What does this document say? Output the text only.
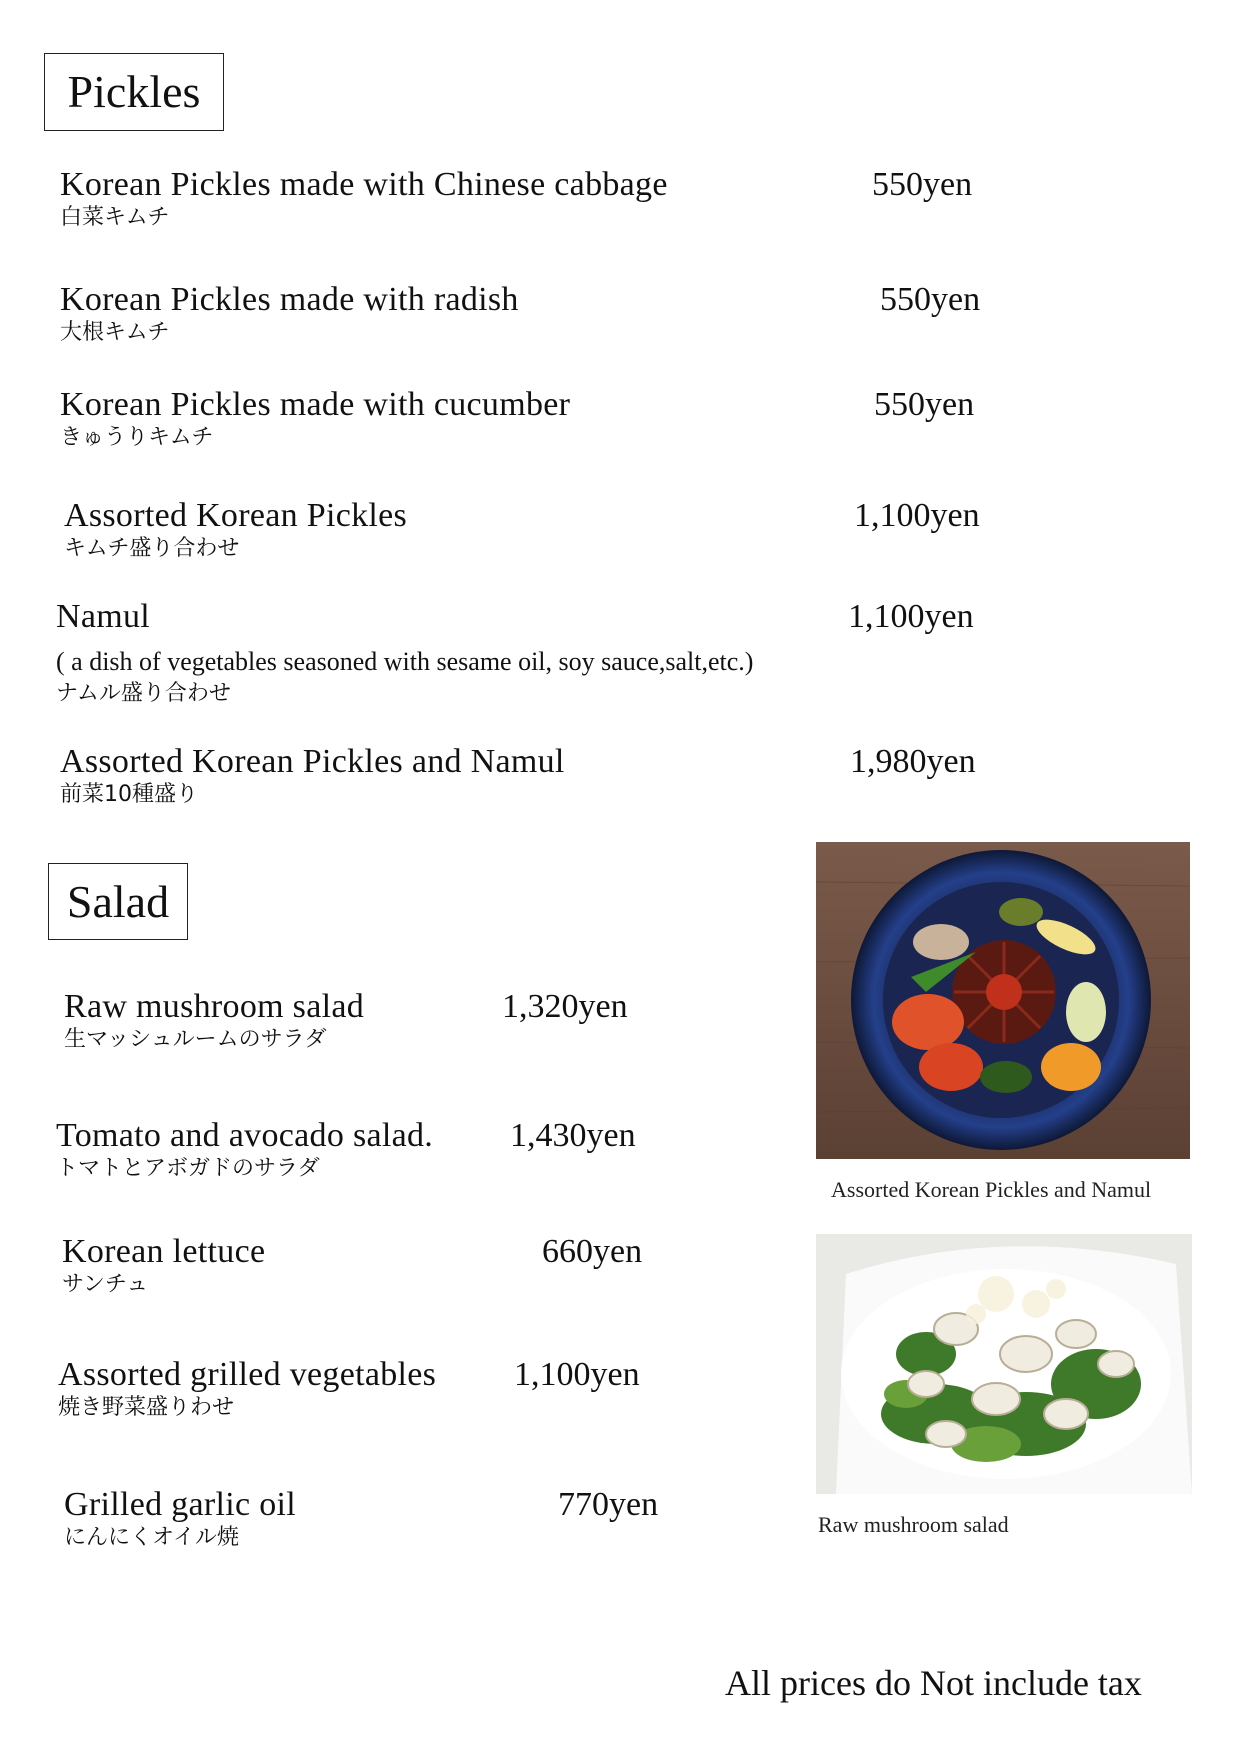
Pickles
Korean Pickles made with Chinese cabbage
白菜キムチ
550yen
Korean Pickles made with radish
大根キムチ
550yen
Korean Pickles made with cucumber
きゅうりキムチ
550yen
Assorted Korean Pickles
キムチ盛り合わせ
1,100yen
Namul
( a dish of vegetables seasoned with sesame oil, soy sauce,salt,etc.)
ナムル盛り合わせ
1,100yen
Assorted Korean Pickles and Namul
前菜10種盛り
1,980yen
Salad
Raw mushroom salad
生マッシュルームのサラダ
1,320yen
Tomato and avocado salad.
トマトとアボガドのサラダ
1,430yen
Korean lettuce
サンチュ
660yen
Assorted grilled vegetables
焼き野菜盛りわせ
1,100yen
Grilled garlic oil
にんにくオイル焼
770yen
Assorted Korean Pickles and Namul
Raw mushroom salad
All prices do Not include tax
